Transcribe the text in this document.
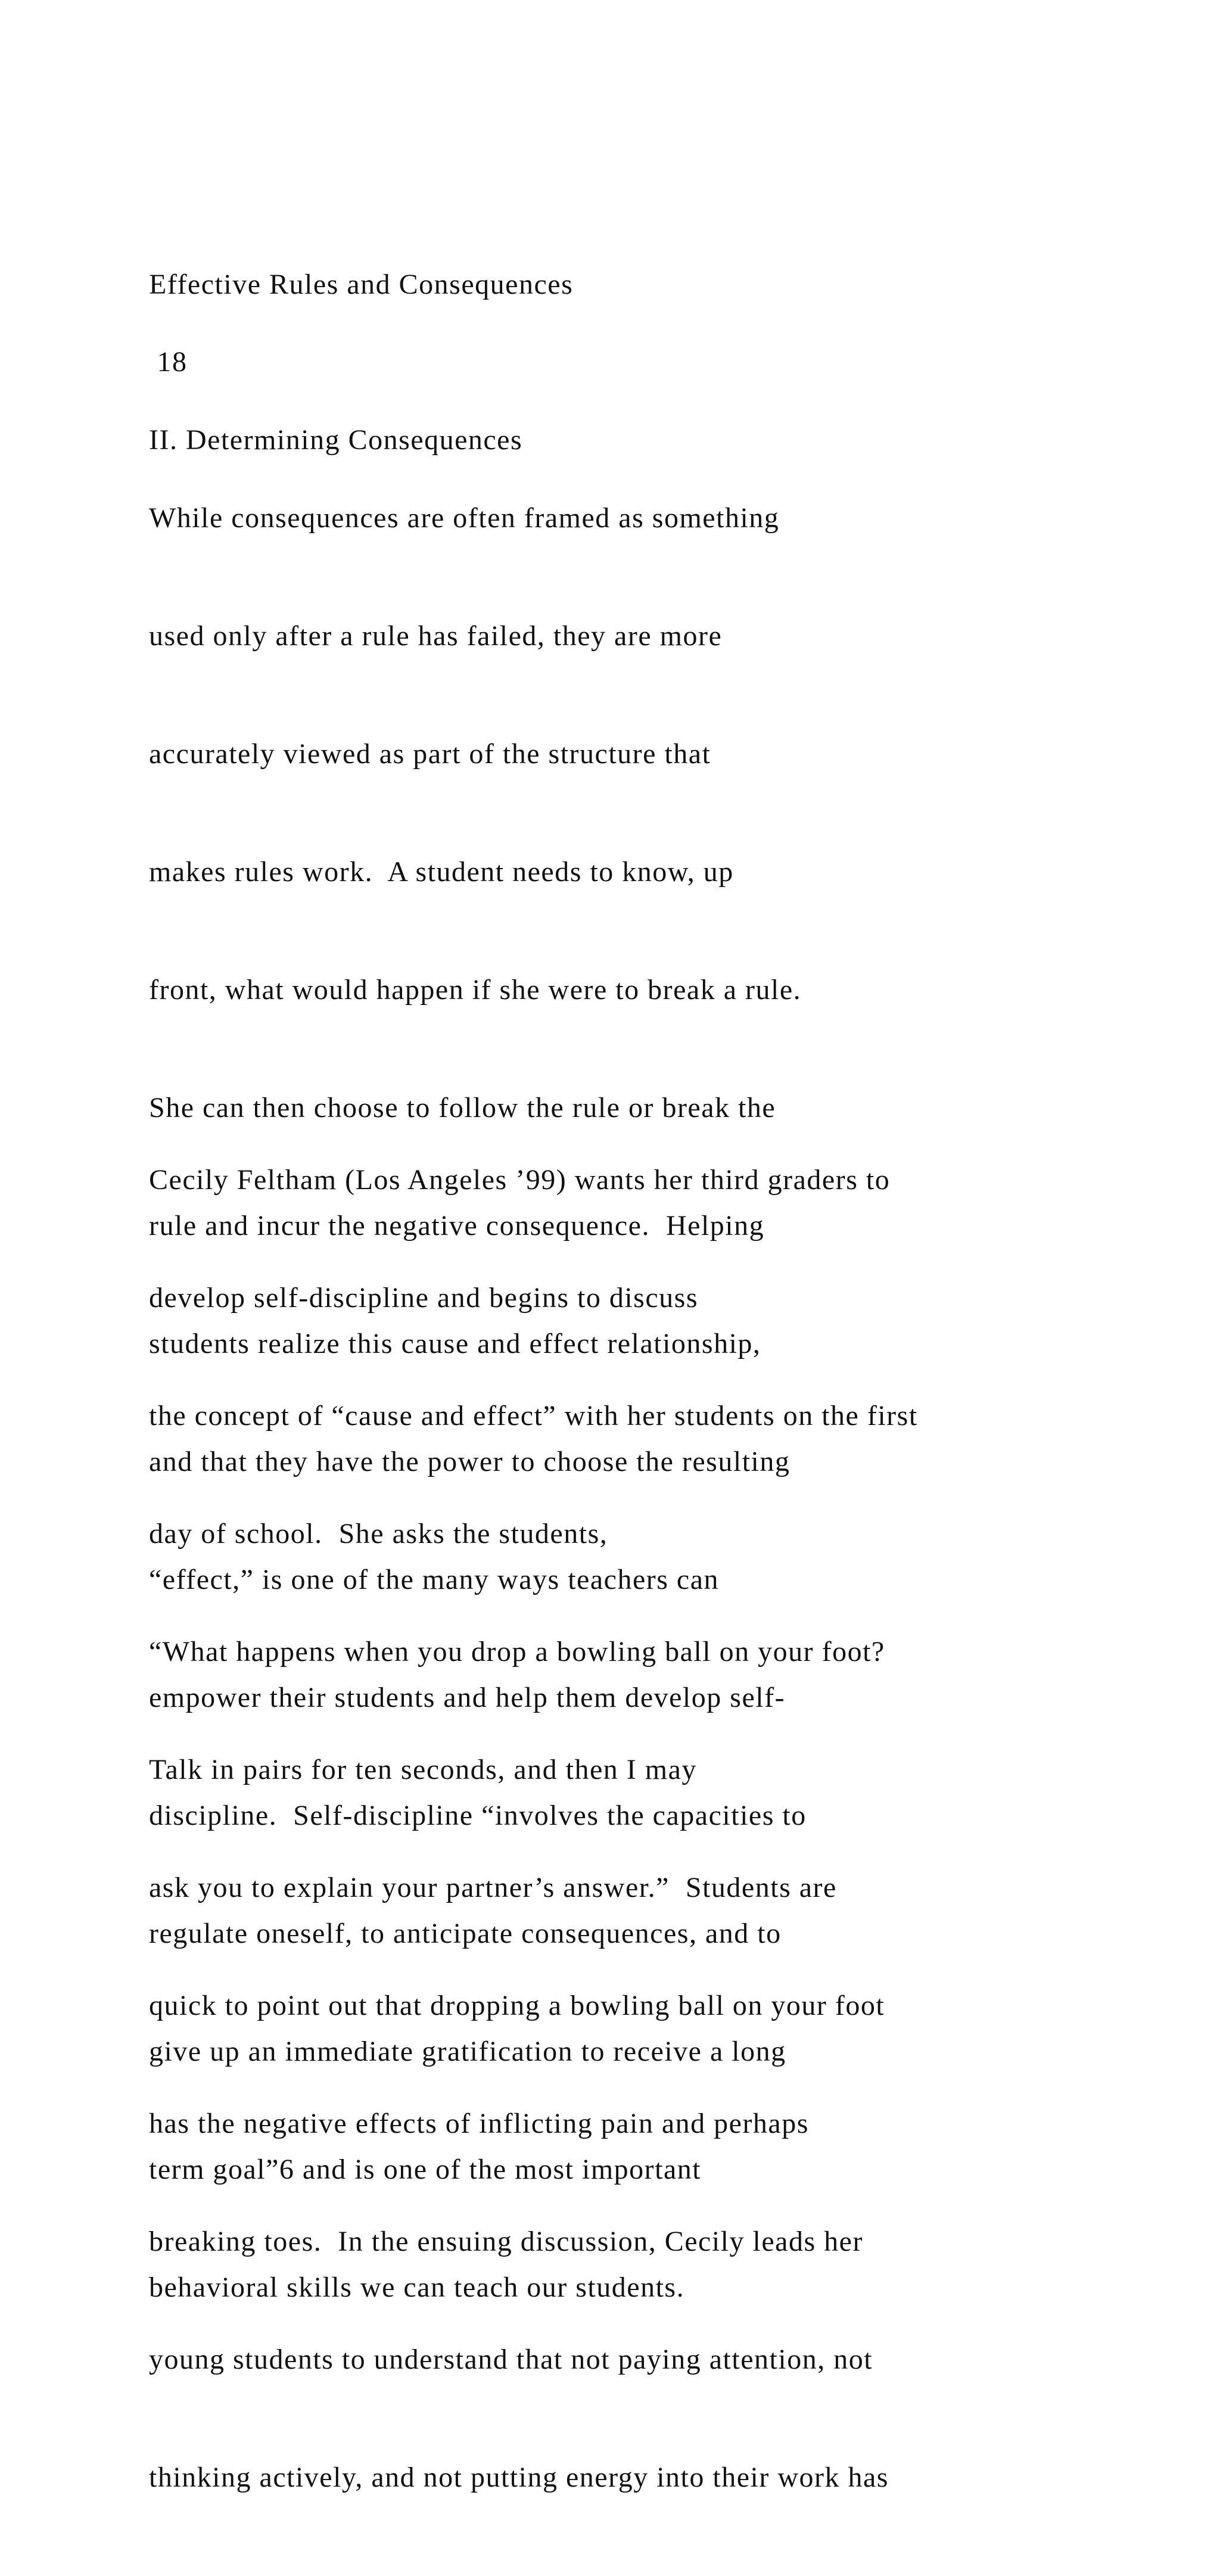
Effective Rules and Consequences

18

II. Determining Consequences

While consequences are often framed as something

used only after a rule has failed, they are more

accurately viewed as part of the structure that

makes rules work.  A student needs to know, up

front, what would happen if she were to break a rule.

She can then choose to follow the rule or break the

rule and incur the negative consequence.  Helping

students realize this cause and effect relationship,

and that they have the power to choose the resulting

“effect,” is one of the many ways teachers can

empower their students and help them develop self-

discipline.  Self-discipline “involves the capacities to

regulate oneself, to anticipate consequences, and to

give up an immediate gratification to receive a long

term goal”6 and is one of the most important

behavioral skills we can teach our students.

Cecily Feltham (Los Angeles ’99) wants her third graders to

develop self-discipline and begins to discuss

the concept of “cause and effect” with her students on the first

day of school.  She asks the students,

“What happens when you drop a bowling ball on your foot?

Talk in pairs for ten seconds, and then I may

ask you to explain your partner’s answer.”  Students are

quick to point out that dropping a bowling ball on your foot

has the negative effects of inflicting pain and perhaps

breaking toes.  In the ensuing discussion, Cecily leads her

young students to understand that not paying attention, not

thinking actively, and not putting energy into their work has
